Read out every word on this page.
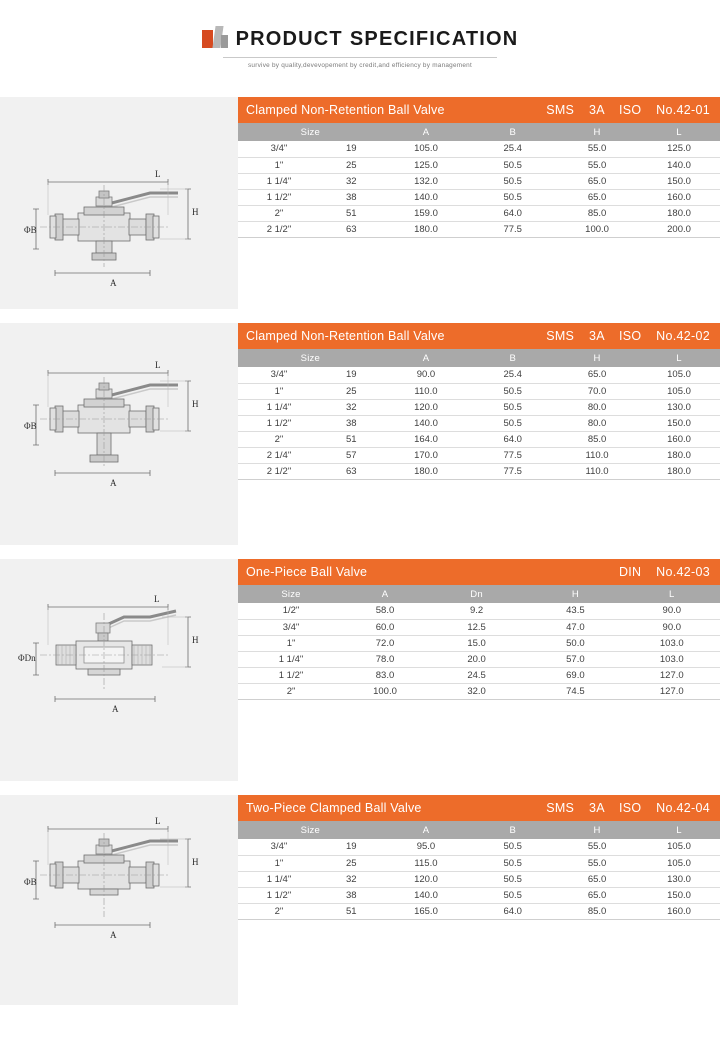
PRODUCT SPECIFICATION
survive by quality,devevopement by credit,and efficiency by management
L
H
ΦB
A
Clamped Non-Retention Ball Valve	SMS 3A ISO No.42-01
Size		A	B	H	L
3/4"	19	105.0	25.4	55.0	125.0
1"	25	125.0	50.5	55.0	140.0
1 1/4"	32	132.0	50.5	65.0	150.0
1 1/2"	38	140.0	50.5	65.0	160.0
2"	51	159.0	64.0	85.0	180.0
2 1/2"	63	180.0	77.5	100.0	200.0
L
H
ΦB
A
Clamped Non-Retention Ball Valve	SMS 3A ISO No.42-02
Size		A	B	H	L
3/4"	19	90.0	25.4	65.0	105.0
1"	25	110.0	50.5	70.0	105.0
1 1/4"	32	120.0	50.5	80.0	130.0
1 1/2"	38	140.0	50.5	80.0	150.0
2"	51	164.0	64.0	85.0	160.0
2 1/4"	57	170.0	77.5	110.0	180.0
2 1/2"	63	180.0	77.5	110.0	180.0
L
H
ΦDn
A
One-Piece Ball Valve	DIN No.42-03
Size	A	Dn	H	L
1/2"	58.0	9.2	43.5	90.0
3/4"	60.0	12.5	47.0	90.0
1"	72.0	15.0	50.0	103.0
1 1/4"	78.0	20.0	57.0	103.0
1 1/2"	83.0	24.5	69.0	127.0
2"	100.0	32.0	74.5	127.0
L
H
ΦB
A
Two-Piece Clamped Ball Valve	SMS 3A ISO No.42-04
Size		A	B	H	L
3/4"	19	95.0	50.5	55.0	105.0
1"	25	115.0	50.5	55.0	105.0
1 1/4"	32	120.0	50.5	65.0	130.0
1 1/2"	38	140.0	50.5	65.0	150.0
2"	51	165.0	64.0	85.0	160.0
